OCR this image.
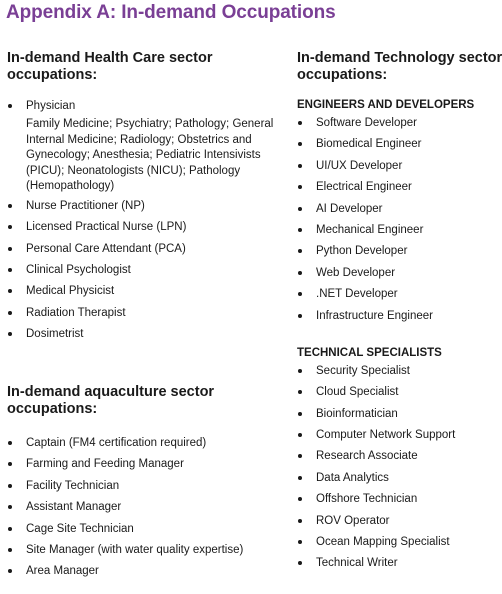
Appendix A: In-demand Occupations
In-demand Health Care sector
occupations:
Physician
Family Medicine; Psychiatry; Pathology; General Internal Medicine; Radiology; Obstetrics and Gynecology; Anesthesia; Pediatric Intensivists (PICU); Neonatologists (NICU); Pathology (Hemopathology)
Nurse Practitioner (NP)
Licensed Practical Nurse (LPN)
Personal Care Attendant (PCA)
Clinical Psychologist
Medical Physicist
Radiation Therapist
Dosimetrist
In-demand aquaculture sector
occupations:
Captain (FM4 certification required)
Farming and Feeding Manager
Facility Technician
Assistant Manager
Cage Site Technician
Site Manager (with water quality expertise)
Area Manager
In-demand Technology sector
occupations:
ENGINEERS AND DEVELOPERS
Software Developer
Biomedical Engineer
UI/UX Developer
Electrical Engineer
AI Developer
Mechanical Engineer
Python Developer
Web Developer
.NET Developer
Infrastructure Engineer
TECHNICAL SPECIALISTS
Security Specialist
Cloud Specialist
Bioinformatician
Computer Network Support
Research Associate
Data Analytics
Offshore Technician
ROV Operator
Ocean Mapping Specialist
Technical Writer
